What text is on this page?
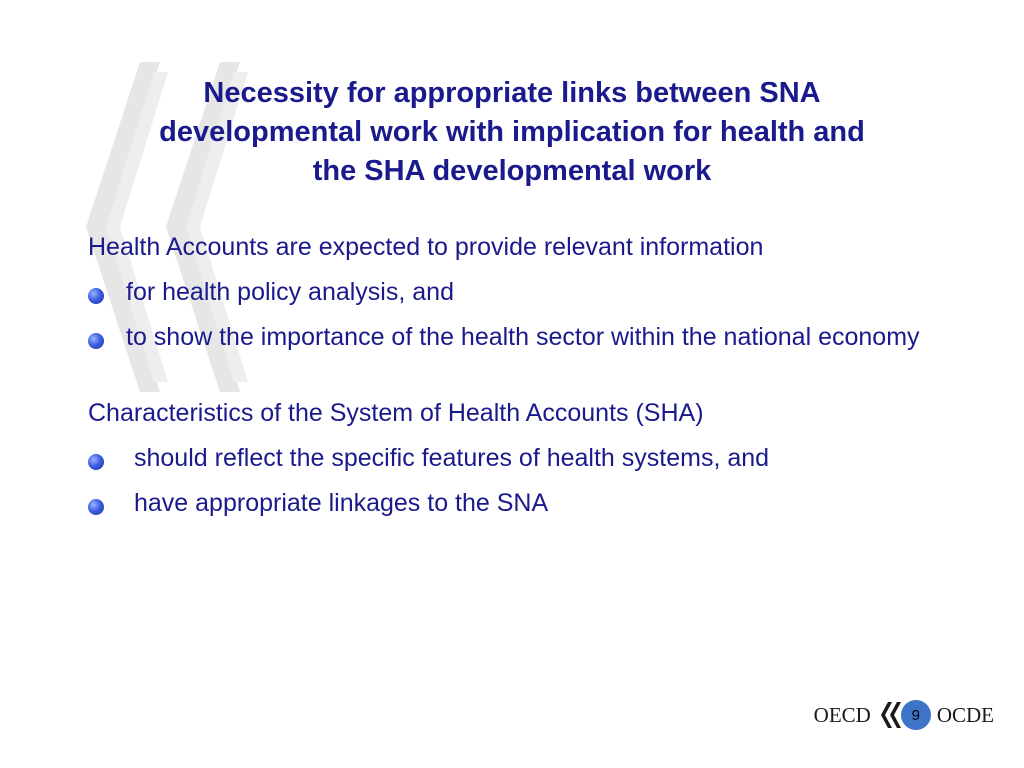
Necessity for appropriate links between SNA
developmental work with implication for health and
the SHA developmental work

Health Accounts are expected to provide relevant information

for health policy analysis, and
to show the importance of the health sector within the national economy

Characteristics of the System of Health Accounts (SHA)

should reflect the specific features of health systems, and
have appropriate linkages to the SNA
OECD	9 OCDE
